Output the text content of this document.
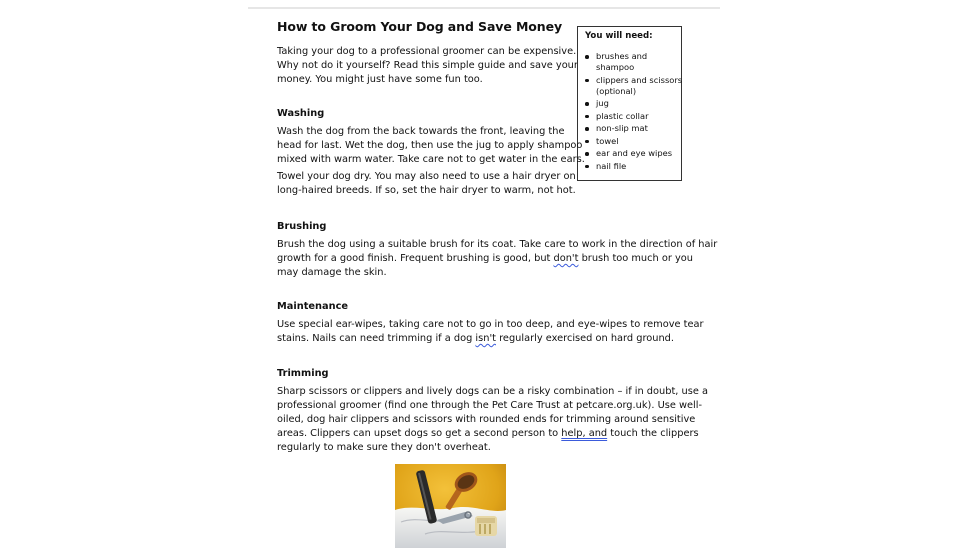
How to Groom Your Dog and Save Money

Taking your dog to a professional groomer can be expensive.
Why not do it yourself? Read this simple guide and save your
money. You might just have some fun too.

You will need:
brushes and
shampoo
clippers and scissors
(optional)
jug
plastic collar
non-slip mat
towel
ear and eye wipes
nail file
Washing

Wash the dog from the back towards the front, leaving the
head for last. Wet the dog, then use the jug to apply shampoo
mixed with warm water. Take care not to get water in the ears.

Towel your dog dry. You may also need to use a hair dryer on
long-haired breeds. If so, set the hair dryer to warm, not hot.

Brushing

Brush the dog using a suitable brush for its coat. Take care to work in the direction of hair
growth for a good finish. Frequent brushing is good, but don't brush too much or you
may damage the skin.

Maintenance

Use special ear-wipes, taking care not to go in too deep, and eye-wipes to remove tear
stains. Nails can need trimming if a dog isn't regularly exercised on hard ground.

Trimming

Sharp scissors or clippers and lively dogs can be a risky combination – if in doubt, use a
professional groomer (find one through the Pet Care Trust at petcare.org.uk). Use well-
oiled, dog hair clippers and scissors with rounded ends for trimming around sensitive
areas. Clippers can upset dogs so get a second person to help, and touch the clippers
regularly to make sure they don't overheat.
